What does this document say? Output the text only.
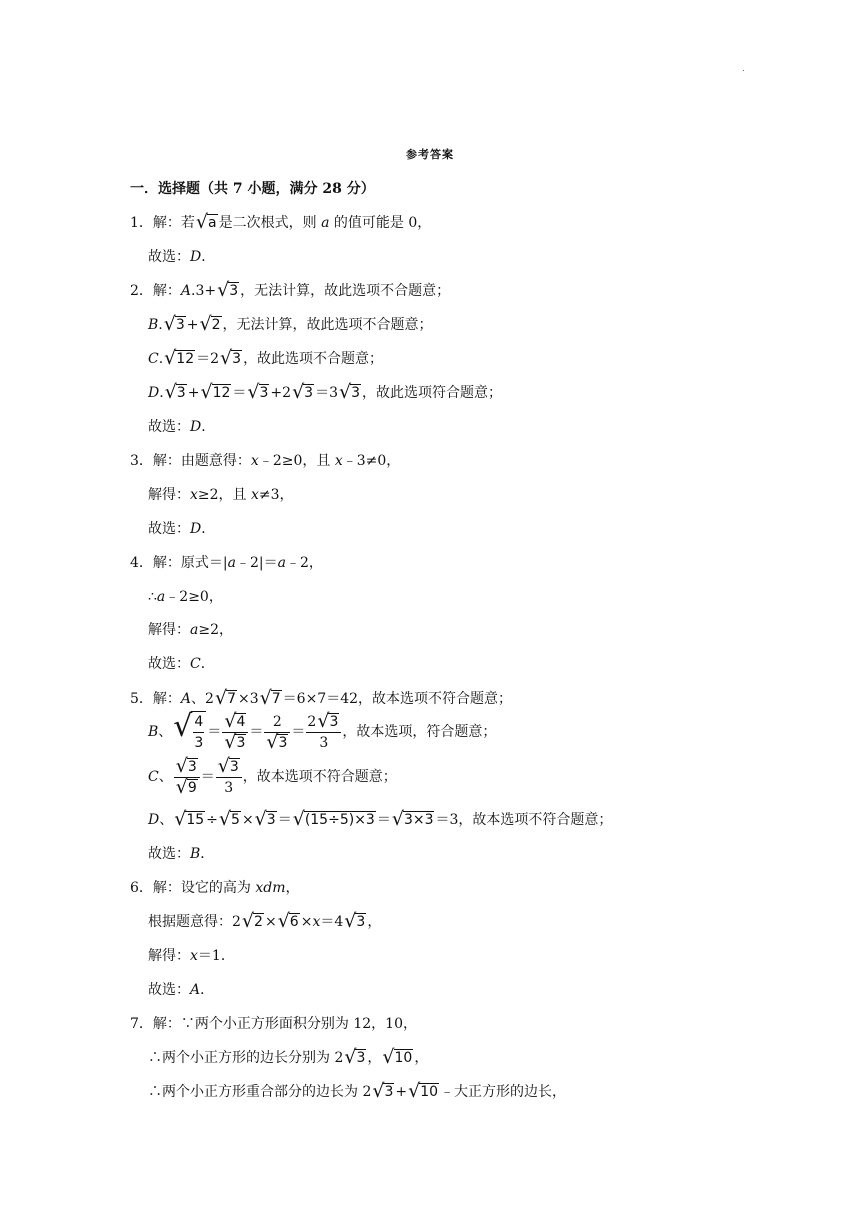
.
参考答案
一．选择题（共 7 小题，满分 28 分）
1．解：若 √ a 是二次根式，则 a 的值可能是 0，
故选：D．
2．解：A.3+ √ 3 ，无法计算，故此选项不合题意；
B. √ 3 + √ 2 ，无法计算，故此选项不合题意；
C. √ 12 ＝2 √ 3 ，故此选项不合题意；
D. √ 3 + √ 12 ＝ √ 3 +2 √ 3 ＝3 √ 3 ，故此选项符合题意；
故选：D．
3．解：由题意得：x﹣2≥0，且 x﹣3≠0，
解得：x≥2，且 x≠3，
故选：D．
4．解：原式＝|a﹣2|＝a﹣2，
∴a﹣2≥0，
解得：a≥2，
故选：C．
5．解：A、2 √ 7 ×3 √ 7 ＝6×7＝42，故本选项不符合题意；
B 、 √ $\frac{4}{3} = \frac{√ 4}{√ 3} = \frac{2}{√ 3} = \frac{2 √ 3}{3}$ ，故本选项，符合题意；
C 、 $\frac{√ 3}{√ 9} = \frac{√ 3}{3}$ ，故本选项不符合题意；
D、 √ 15 ÷ √ 5 × √ 3 ＝ √ (15÷5)×3 ＝ √ 3×3 ＝3，故本选项不符合题意；
故选：B．
6．解：设它的高为 xdm，
根据题意得：2 √ 2 × √ 6 ×x＝4 √ 3 ，
解得：x＝1．
故选：A．
7．解：∵两个小正方形面积分别为 12，10，
∴两个小正方形的边长分别为 2 √ 3 ， √ 10 ，
∴两个小正方形重合部分的边长为 2 √ 3 + √ 10 ﹣大正方形的边长，
